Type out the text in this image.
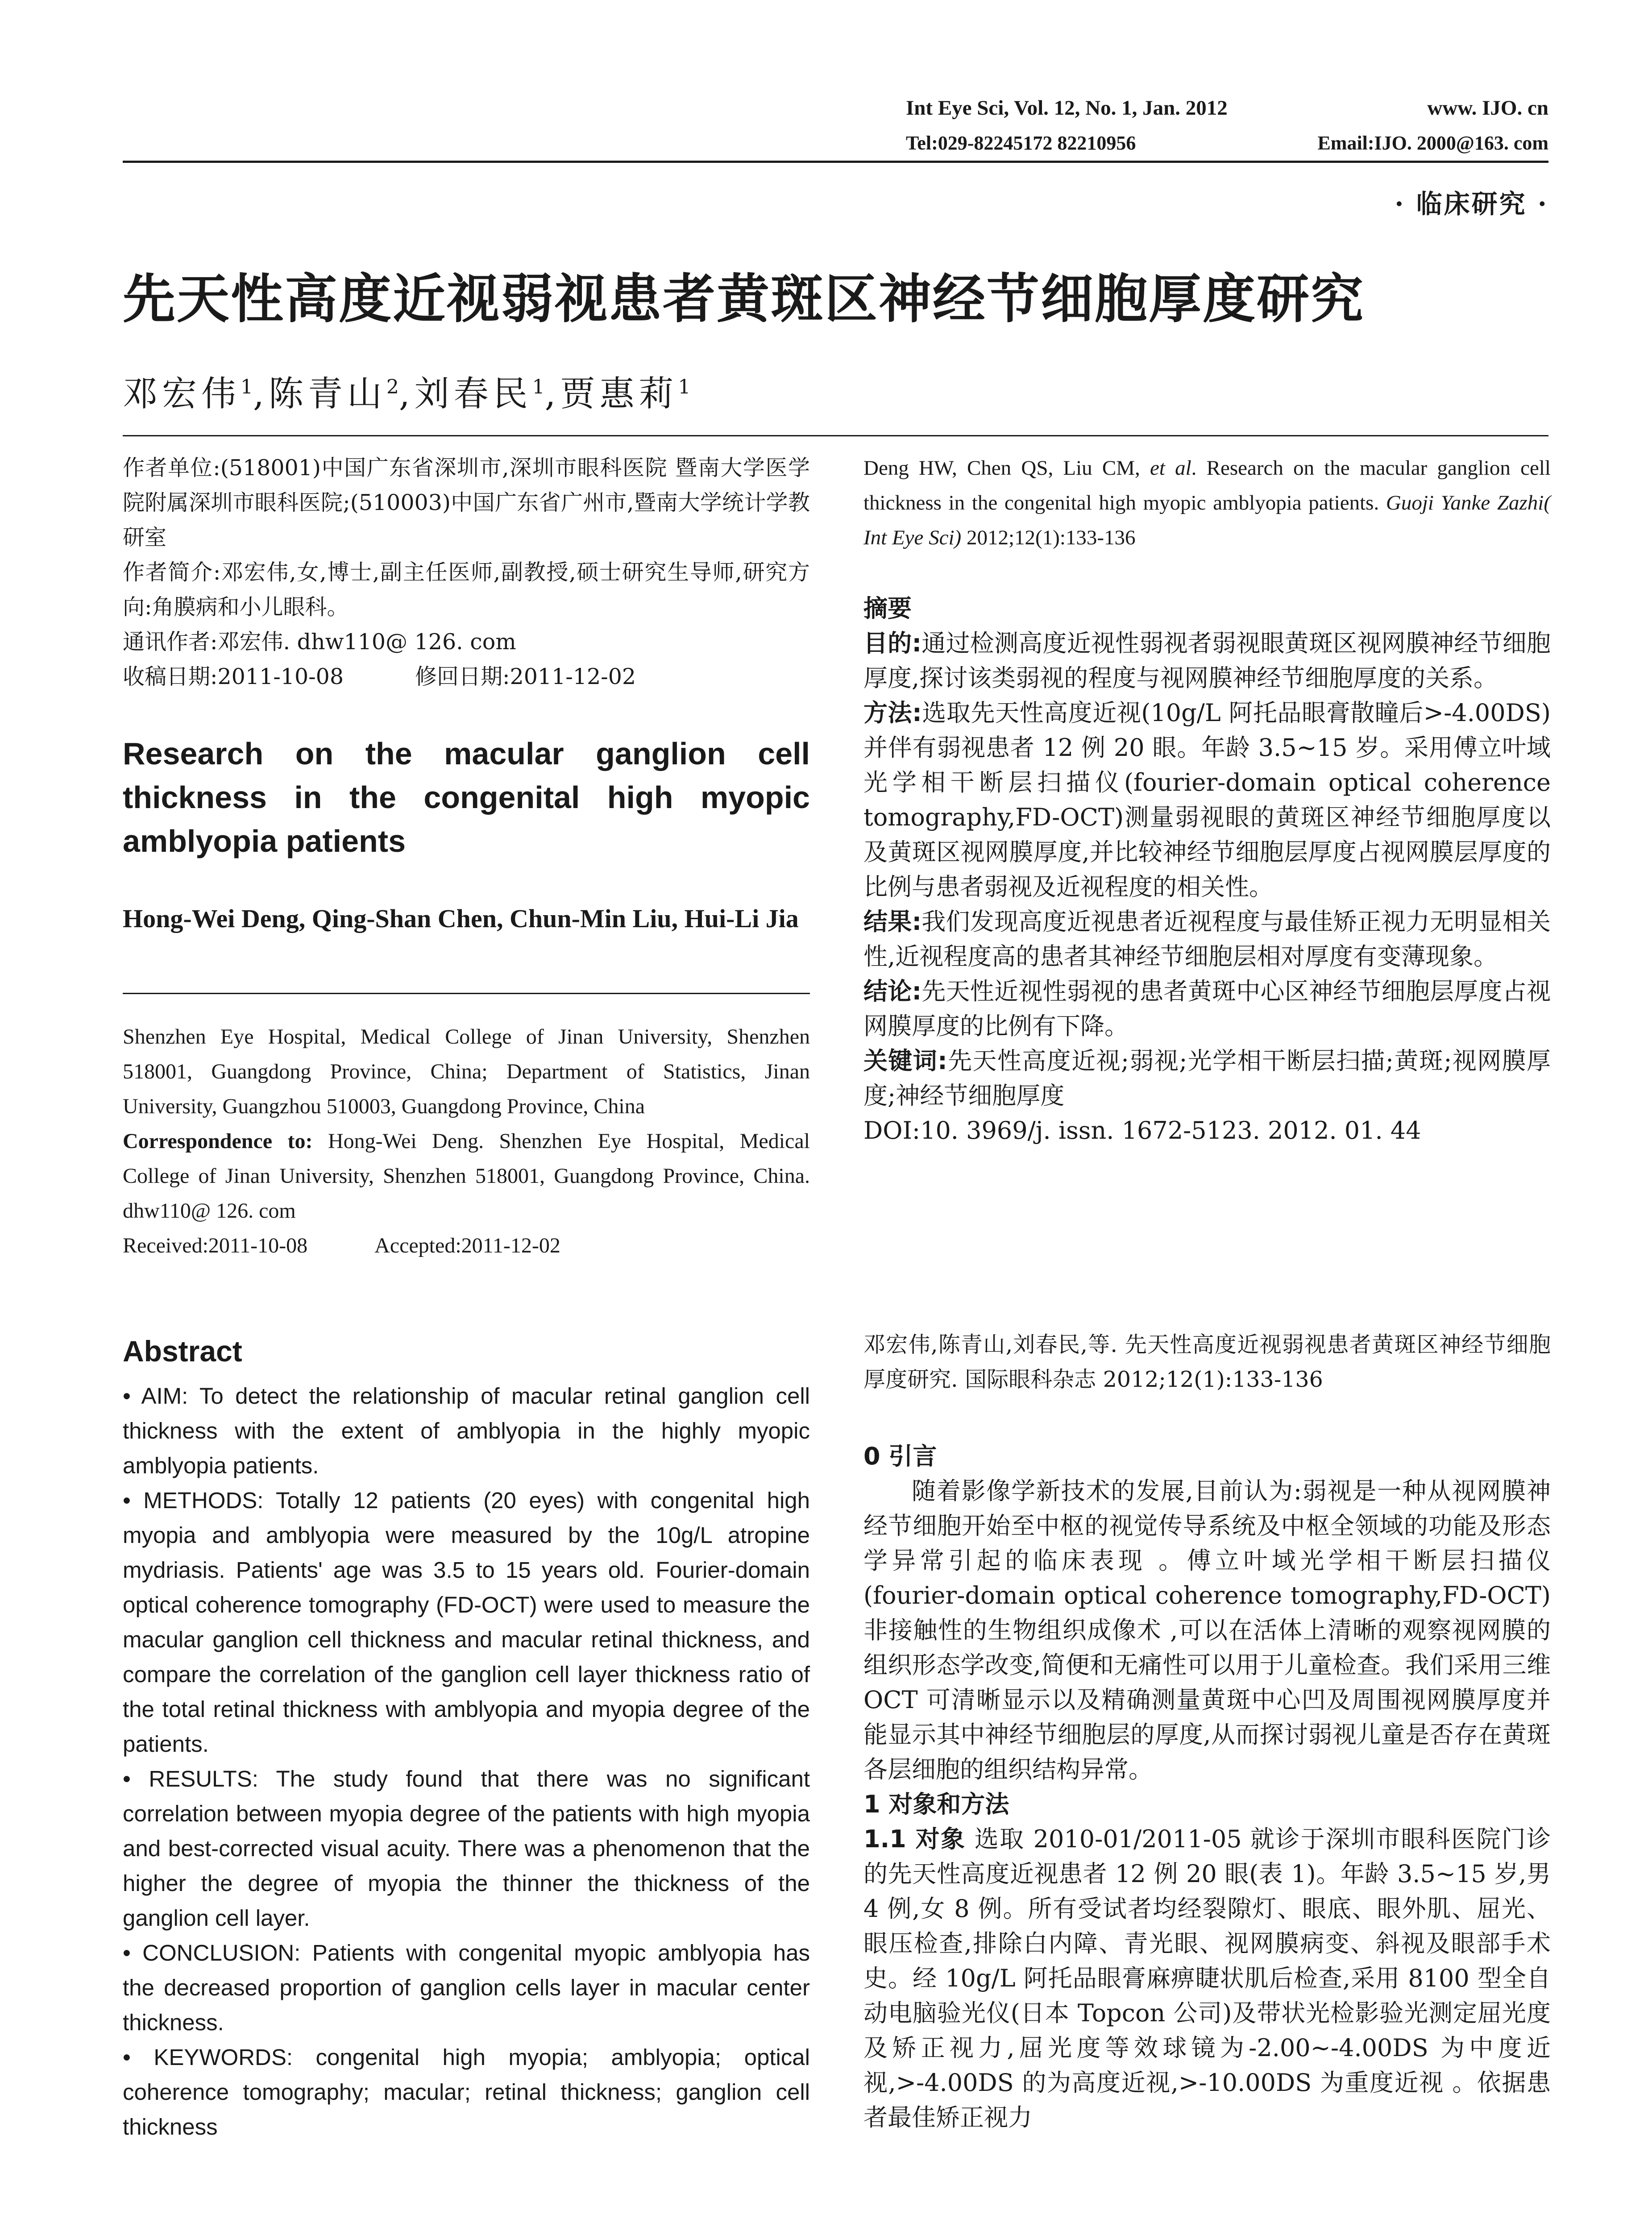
Int Eye Sci, Vol. 12, No. 1, Jan. 2012	www. IJO. cn
Tel:029-82245172 82210956	Email:IJO. 2000@163. com
· 临床研究 ·
先天性高度近视弱视患者黄斑区神经节细胞厚度研究
邓宏伟$^1$,陈青山$^2$,刘春民$^1$,贾惠莉$^1$

作者单位:(518001)中国广东省深圳市,深圳市眼科医院 暨南大学医学院附属深圳市眼科医院;(510003)中国广东省广州市,暨南大学统计学教研室

作者简介:邓宏伟,女,博士,副主任医师,副教授,硕士研究生导师,研究方向:角膜病和小儿眼科。

通讯作者:邓宏伟. dhw110@ 126. com

收稿日期:2011-10-08	修回日期:2011-12-02

Research on the macular ganglion cell thickness in the congenital high myopic amblyopia patients
Hong-Wei Deng, Qing-Shan Chen, Chun-Min Liu, Hui-Li Jia

Shenzhen Eye Hospital, Medical College of Jinan University, Shenzhen 518001, Guangdong Province, China; Department of Statistics, Jinan University, Guangzhou 510003, Guangdong Province, China

Correspondence to: Hong-Wei Deng. Shenzhen Eye Hospital, Medical College of Jinan University, Shenzhen 518001, Guangdong Province, China. dhw110@ 126. com

Received:2011-10-08	Accepted:2011-12-02

Abstract

• AIM: To detect the relationship of macular retinal ganglion cell thickness with the extent of amblyopia in the highly myopic amblyopia patients.

• METHODS: Totally 12 patients (20 eyes) with congenital high myopia and amblyopia were measured by the 10g/L atropine mydriasis. Patients' age was 3.5 to 15 years old. Fourier-domain optical coherence tomography (FD-OCT) were used to measure the macular ganglion cell thickness and macular retinal thickness, and compare the correlation of the ganglion cell layer thickness ratio of the total retinal thickness with amblyopia and myopia degree of the patients.

• RESULTS: The study found that there was no significant correlation between myopia degree of the patients with high myopia and best-corrected visual acuity. There was a phenomenon that the higher the degree of myopia the thinner the thickness of the ganglion cell layer.

• CONCLUSION: Patients with congenital myopic amblyopia has the decreased proportion of ganglion cells layer in macular center thickness.

• KEYWORDS: congenital high myopia; amblyopia; optical coherence tomography; macular; retinal thickness; ganglion cell thickness

Deng HW, Chen QS, Liu CM, et al. Research on the macular ganglion cell thickness in the congenital high myopic amblyopia patients. Guoji Yanke Zazhi( Int Eye Sci) 2012;12(1):133-136

摘要

目的:通过检测高度近视性弱视者弱视眼黄斑区视网膜神经节细胞厚度,探讨该类弱视的程度与视网膜神经节细胞厚度的关系。

方法:选取先天性高度近视(10g/L 阿托品眼膏散瞳后>-4.00DS)并伴有弱视患者 12 例 20 眼。年龄 3.5~15 岁。采用傅立叶域光学相干断层扫描仪(fourier-domain optical coherence tomography,FD-OCT)测量弱视眼的黄斑区神经节细胞厚度以及黄斑区视网膜厚度,并比较神经节细胞层厚度占视网膜层厚度的比例与患者弱视及近视程度的相关性。

结果:我们发现高度近视患者近视程度与最佳矫正视力无明显相关性,近视程度高的患者其神经节细胞层相对厚度有变薄现象。

结论:先天性近视性弱视的患者黄斑中心区神经节细胞层厚度占视网膜厚度的比例有下降。

关键词:先天性高度近视;弱视;光学相干断层扫描;黄斑;视网膜厚度;神经节细胞厚度

DOI:10. 3969/j. issn. 1672-5123. 2012. 01. 44

邓宏伟,陈青山,刘春民,等. 先天性高度近视弱视患者黄斑区神经节细胞厚度研究. 国际眼科杂志 2012;12(1):133-136

0 引言

随着影像学新技术的发展,目前认为:弱视是一种从视网膜神经节细胞开始至中枢的视觉传导系统及中枢全领域的功能及形态学异常引起的临床表现 。傅立叶域光学相干断层扫描仪(fourier-domain optical coherence tomography,FD-OCT)非接触性的生物组织成像术 ,可以在活体上清晰的观察视网膜的组织形态学改变,简便和无痛性可以用于儿童检查。我们采用三维 OCT 可清晰显示以及精确测量黄斑中心凹及周围视网膜厚度并能显示其中神经节细胞层的厚度,从而探讨弱视儿童是否存在黄斑各层细胞的组织结构异常。

1 对象和方法

1.1 对象 选取 2010-01/2011-05 就诊于深圳市眼科医院门诊的先天性高度近视患者 12 例 20 眼(表 1)。年龄 3.5~15 岁,男 4 例,女 8 例。所有受试者均经裂隙灯、眼底、眼外肌、屈光、眼压检查,排除白内障、青光眼、视网膜病变、斜视及眼部手术史。经 10g/L 阿托品眼膏麻痹睫状肌后检查,采用 8100 型全自动电脑验光仪(日本 Topcon 公司)及带状光检影验光测定屈光度及矫正视力,屈光度等效球镜为-2.00~-4.00DS 为中度近视,>-4.00DS 的为高度近视,>-10.00DS 为重度近视 。依据患者最佳矫正视力
